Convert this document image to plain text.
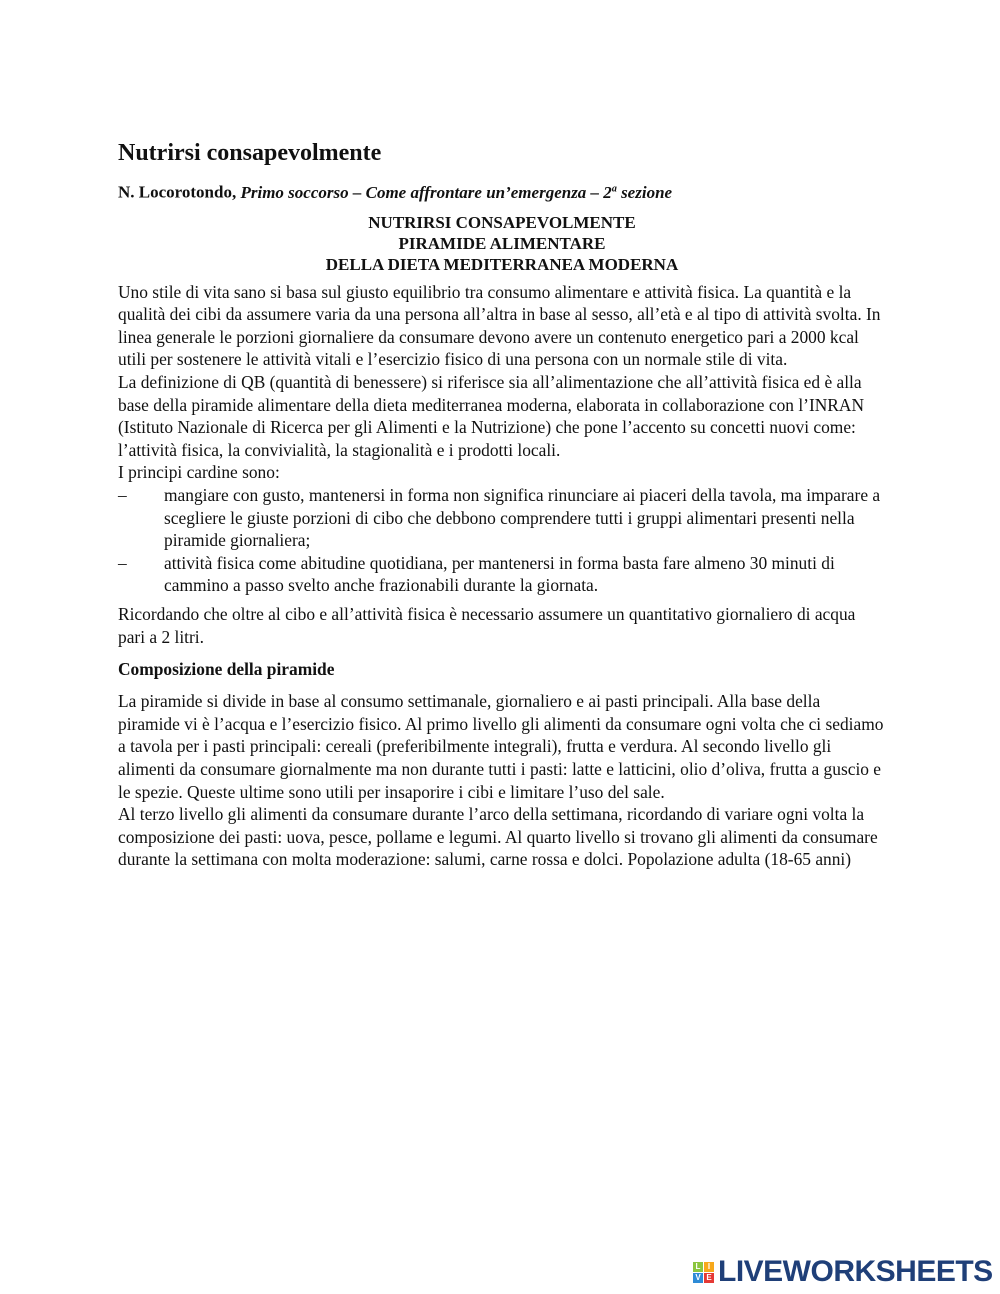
Nutrirsi consapevolmente
N. Locorotondo, Primo soccorso – Come affrontare un’emergenza – 2$^a$ sezione
NUTRIRSI CONSAPEVOLMENTE
PIRAMIDE ALIMENTARE
DELLA DIETA MEDITERRANEA MODERNA

Uno stile di vita sano si basa sul giusto equilibrio tra consumo alimentare e attività fisica. La quantità e la qualità dei cibi da assumere varia da una persona all’altra in base al sesso, all’età e al tipo di attività svolta. In linea generale le porzioni giornaliere da consumare devono avere un contenuto energetico pari a 2000 kcal utili per sostenere le attività vitali e l’esercizio fisico di una persona con un normale stile di vita.

La definizione di QB (quantità di benessere) si riferisce sia all’alimentazione che all’attività fisica ed è alla base della piramide alimentare della dieta mediterranea moderna, elaborata in collaborazione con l’INRAN (Istituto Nazionale di Ricerca per gli Alimenti e la Nutrizione) che pone l’accento su concetti nuovi come: l’attività fisica, la convivialità, la stagionalità e i prodotti locali.

I principi cardine sono:

– mangiare con gusto, mantenersi in forma non significa rinunciare ai piaceri della tavola, ma imparare a scegliere le giuste porzioni di cibo che debbono comprendere tutti i gruppi alimentari presenti nella piramide giornaliera;
– attività fisica come abitudine quotidiana, per mantenersi in forma basta fare almeno 30 minuti di cammino a passo svelto anche frazionabili durante la giornata.

Ricordando che oltre al cibo e all’attività fisica è necessario assumere un quantitativo giornaliero di acqua pari a 2 litri.

Composizione della piramide

La piramide si divide in base al consumo settimanale, giornaliero e ai pasti principali. Alla base della piramide vi è l’acqua e l’esercizio fisico. Al primo livello gli alimenti da consumare ogni volta che ci sediamo a tavola per i pasti principali: cereali (preferibilmente integrali), frutta e verdura. Al secondo livello gli alimenti da consumare giornalmente ma non durante tutti i pasti: latte e latticini, olio d’oliva, frutta a guscio e le spezie. Queste ultime sono utili per insaporire i cibi e limitare l’uso del sale.

Al terzo livello gli alimenti da consumare durante l’arco della settimana, ricordando di variare ogni volta la composizione dei pasti: uova, pesce, pollame e legumi. Al quarto livello si trovano gli alimenti da consumare durante la settimana con molta moderazione: salumi, carne rossa e dolci. Popolazione adulta (18-65 anni)

L I
V E LIVEWORKSHEETS
